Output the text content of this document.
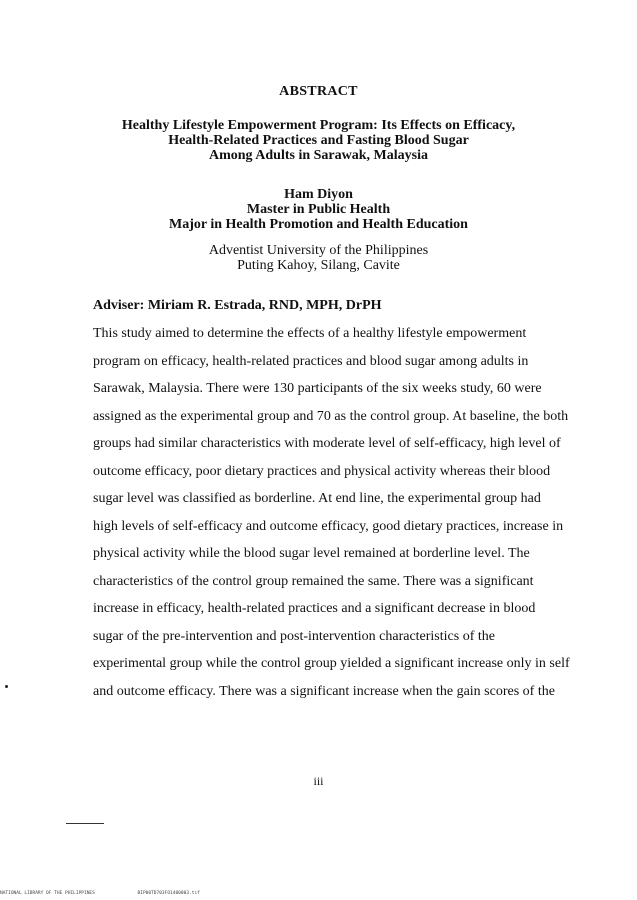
ABSTRACT
Healthy Lifestyle Empowerment Program: Its Effects on Efficacy,
Health-Related Practices and Fasting Blood Sugar
Among Adults in Sarawak, Malaysia
Ham Diyon
Master in Public Health
Major in Health Promotion and Health Education
Adventist University of the Philippines
Puting Kahoy, Silang, Cavite
Adviser: Miriam R. Estrada, RND, MPH, DrPH
This study aimed to determine the effects of a healthy lifestyle empowerment
program on efficacy, health-related practices and blood sugar among adults in
Sarawak, Malaysia. There were 130 participants of the six weeks study, 60 were
assigned as the experimental group and 70 as the control group. At baseline, the both
groups had similar characteristics with moderate level of self-efficacy, high level of
outcome efficacy, poor dietary practices and physical activity whereas their blood
sugar level was classified as borderline. At end line, the experimental group had
high levels of self-efficacy and outcome efficacy, good dietary practices, increase in
physical activity while the blood sugar level remained at borderline level. The
characteristics of the control group remained the same. There was a significant
increase in efficacy, health-related practices and a significant decrease in blood
sugar of the pre-intervention and post-intervention characteristics of the
experimental group while the control group yielded a significant increase only in self
and outcome efficacy. There was a significant increase when the gain scores of the
iii
NATIONAL LIBRARY OF THE PHILIPPINES	BIP00TD703FO1400003.tif
